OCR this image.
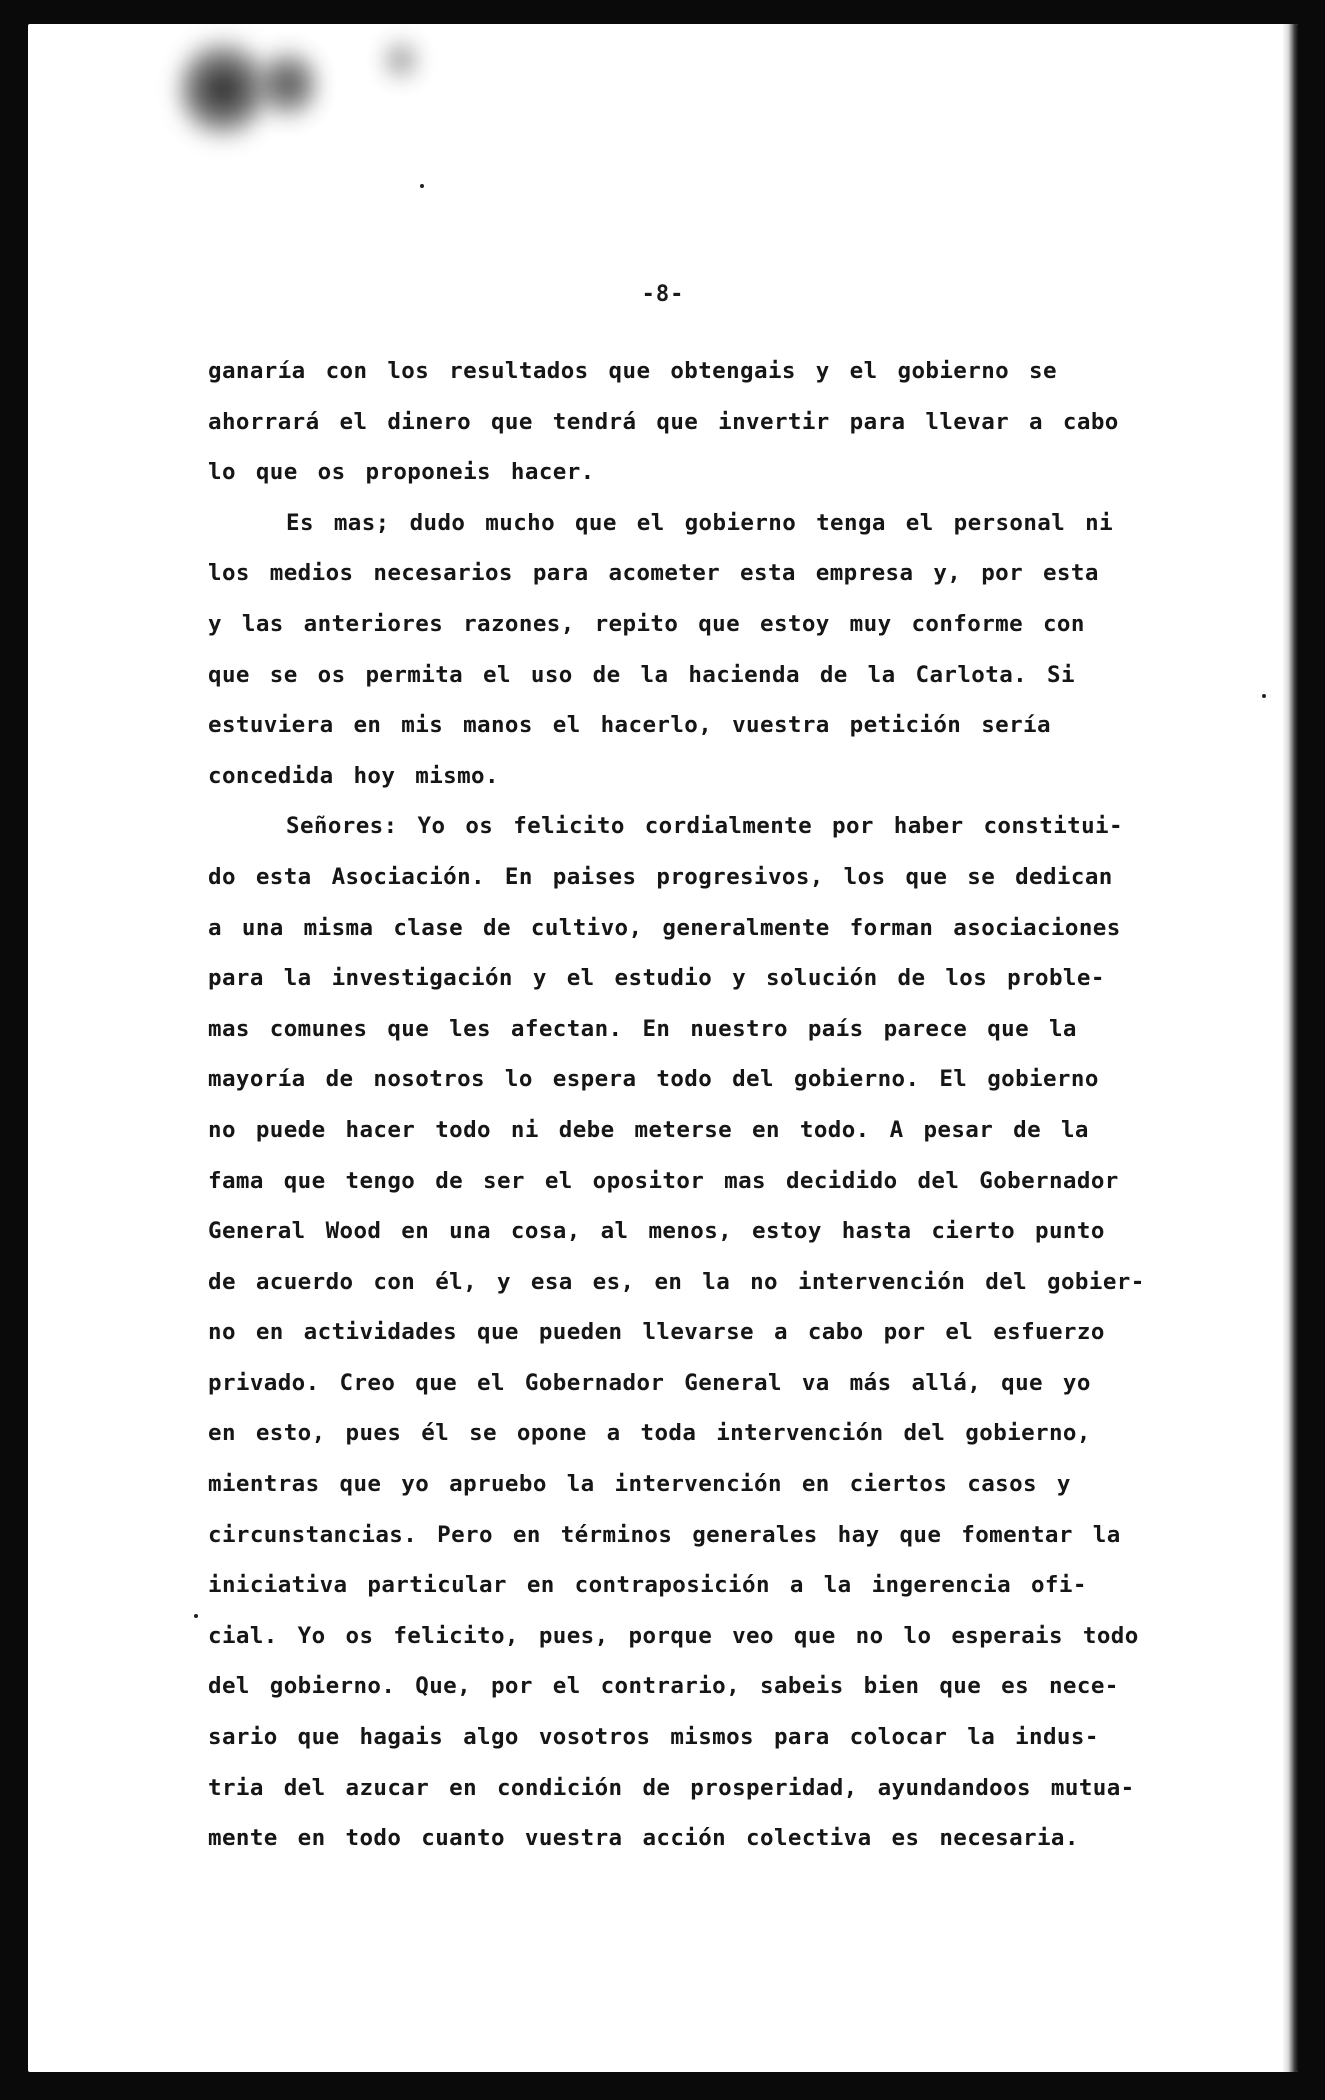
-8-
ganaría con los resultados que obtengais y el gobierno se
ahorrará el dinero que tendrá que invertir para llevar a cabo
lo que os proponeis hacer.
Es mas; dudo mucho que el gobierno tenga el personal ni
los medios necesarios para acometer esta empresa y, por esta
y las anteriores razones, repito que estoy muy conforme con
que se os permita el uso de la hacienda de la Carlota. Si
estuviera en mis manos el hacerlo, vuestra petición sería
concedida hoy mismo.
Señores: Yo os felicito cordialmente por haber constitui-
do esta Asociación. En paises progresivos, los que se dedican
a una misma clase de cultivo, generalmente forman asociaciones
para la investigación y el estudio y solución de los proble-
mas comunes que les afectan. En nuestro país parece que la
mayoría de nosotros lo espera todo del gobierno. El gobierno
no puede hacer todo ni debe meterse en todo. A pesar de la
fama que tengo de ser el opositor mas decidido del Gobernador
General Wood en una cosa, al menos, estoy hasta cierto punto
de acuerdo con él, y esa es, en la no intervención del gobier-
no en actividades que pueden llevarse a cabo por el esfuerzo
privado. Creo que el Gobernador General va más allá, que yo
en esto, pues él se opone a toda intervención del gobierno,
mientras que yo apruebo la intervención en ciertos casos y
circunstancias. Pero en términos generales hay que fomentar la
iniciativa particular en contraposición a la ingerencia ofi-
cial. Yo os felicito, pues, porque veo que no lo esperais todo
del gobierno. Que, por el contrario, sabeis bien que es nece-
sario que hagais algo vosotros mismos para colocar la indus-
tria del azucar en condición de prosperidad, ayundandoos mutua-
mente en todo cuanto vuestra acción colectiva es necesaria.
